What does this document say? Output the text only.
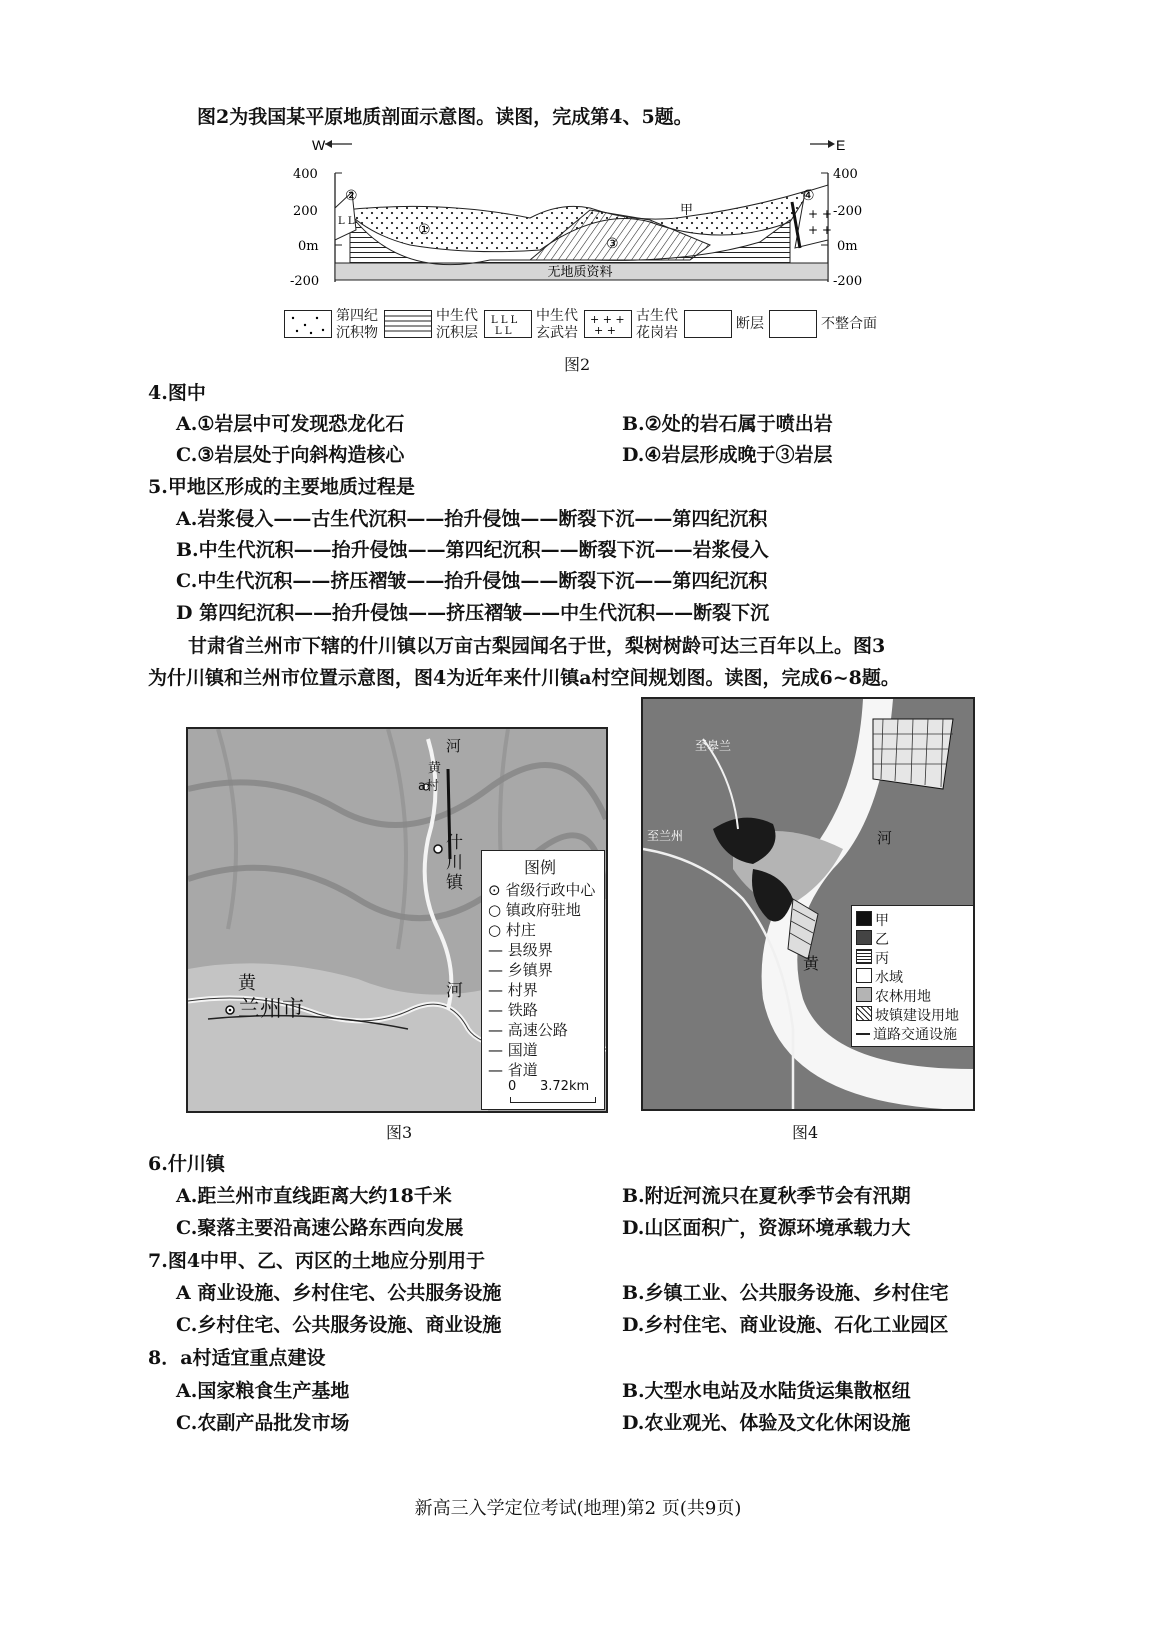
图2为我国某平原地质剖面示意图。读图，完成第4、5题。
W	E
400
200
0m
-200
400
-200
0m
-200
无地质资料
L L
+ +
+ +
②	④
①
③
甲
第四纪
沉积物
中生代
沉积层
L L L
L L
中生代
玄武岩
+ + +
+ +
古生代
花岗岩
断层	不整合面
图2
4.图中
A.①岩层中可发现恐龙化石	B.②处的岩石属于喷出岩
C.③岩层处于向斜构造核心	D.④岩层形成晚于③岩层
5.甲地区形成的主要地质过程是
A.岩浆侵入——古生代沉积——抬升侵蚀——断裂下沉——第四纪沉积
B.中生代沉积——抬升侵蚀——第四纪沉积——断裂下沉——岩浆侵入
C.中生代沉积——挤压褶皱——抬升侵蚀——断裂下沉——第四纪沉积
D 第四纪沉积——抬升侵蚀——挤压褶皱——中生代沉积——断裂下沉
甘肃省兰州市下辖的什川镇以万亩古梨园闻名于世，梨树树龄可达三百年以上。图3
为什川镇和兰州市位置示意图，图4为近年来什川镇a村空间规划图。读图，完成6~8题。
兰州市
黄	河
什川镇
a村
河
黄
图例
⊙ 省级行政中心
○ 镇政府驻地
○ 村庄
— 县级界
— 乡镇界
— 村界
— 铁路
— 高速公路
— 国道
— 省道
0 3.72km
图3
河
黄
至皋兰
至兰州
甲
乙
丙
水域
农林用地
坡镇建设用地
道路交通设施
图4
6.什川镇
A.距兰州市直线距离大约18千米	B.附近河流只在夏秋季节会有汛期
C.聚落主要沿高速公路东西向发展	D.山区面积广，资源环境承载力大
7.图4中甲、乙、丙区的土地应分别用于
A 商业设施、乡村住宅、公共服务设施	B.乡镇工业、公共服务设施、乡村住宅
C.乡村住宅、公共服务设施、商业设施	D.乡村住宅、商业设施、石化工业园区
8．a村适宜重点建设
A.国家粮食生产基地	B.大型水电站及水陆货运集散枢纽
C.农副产品批发市场	D.农业观光、体验及文化休闲设施
新高三入学定位考试(地理)第2 页(共9页)
